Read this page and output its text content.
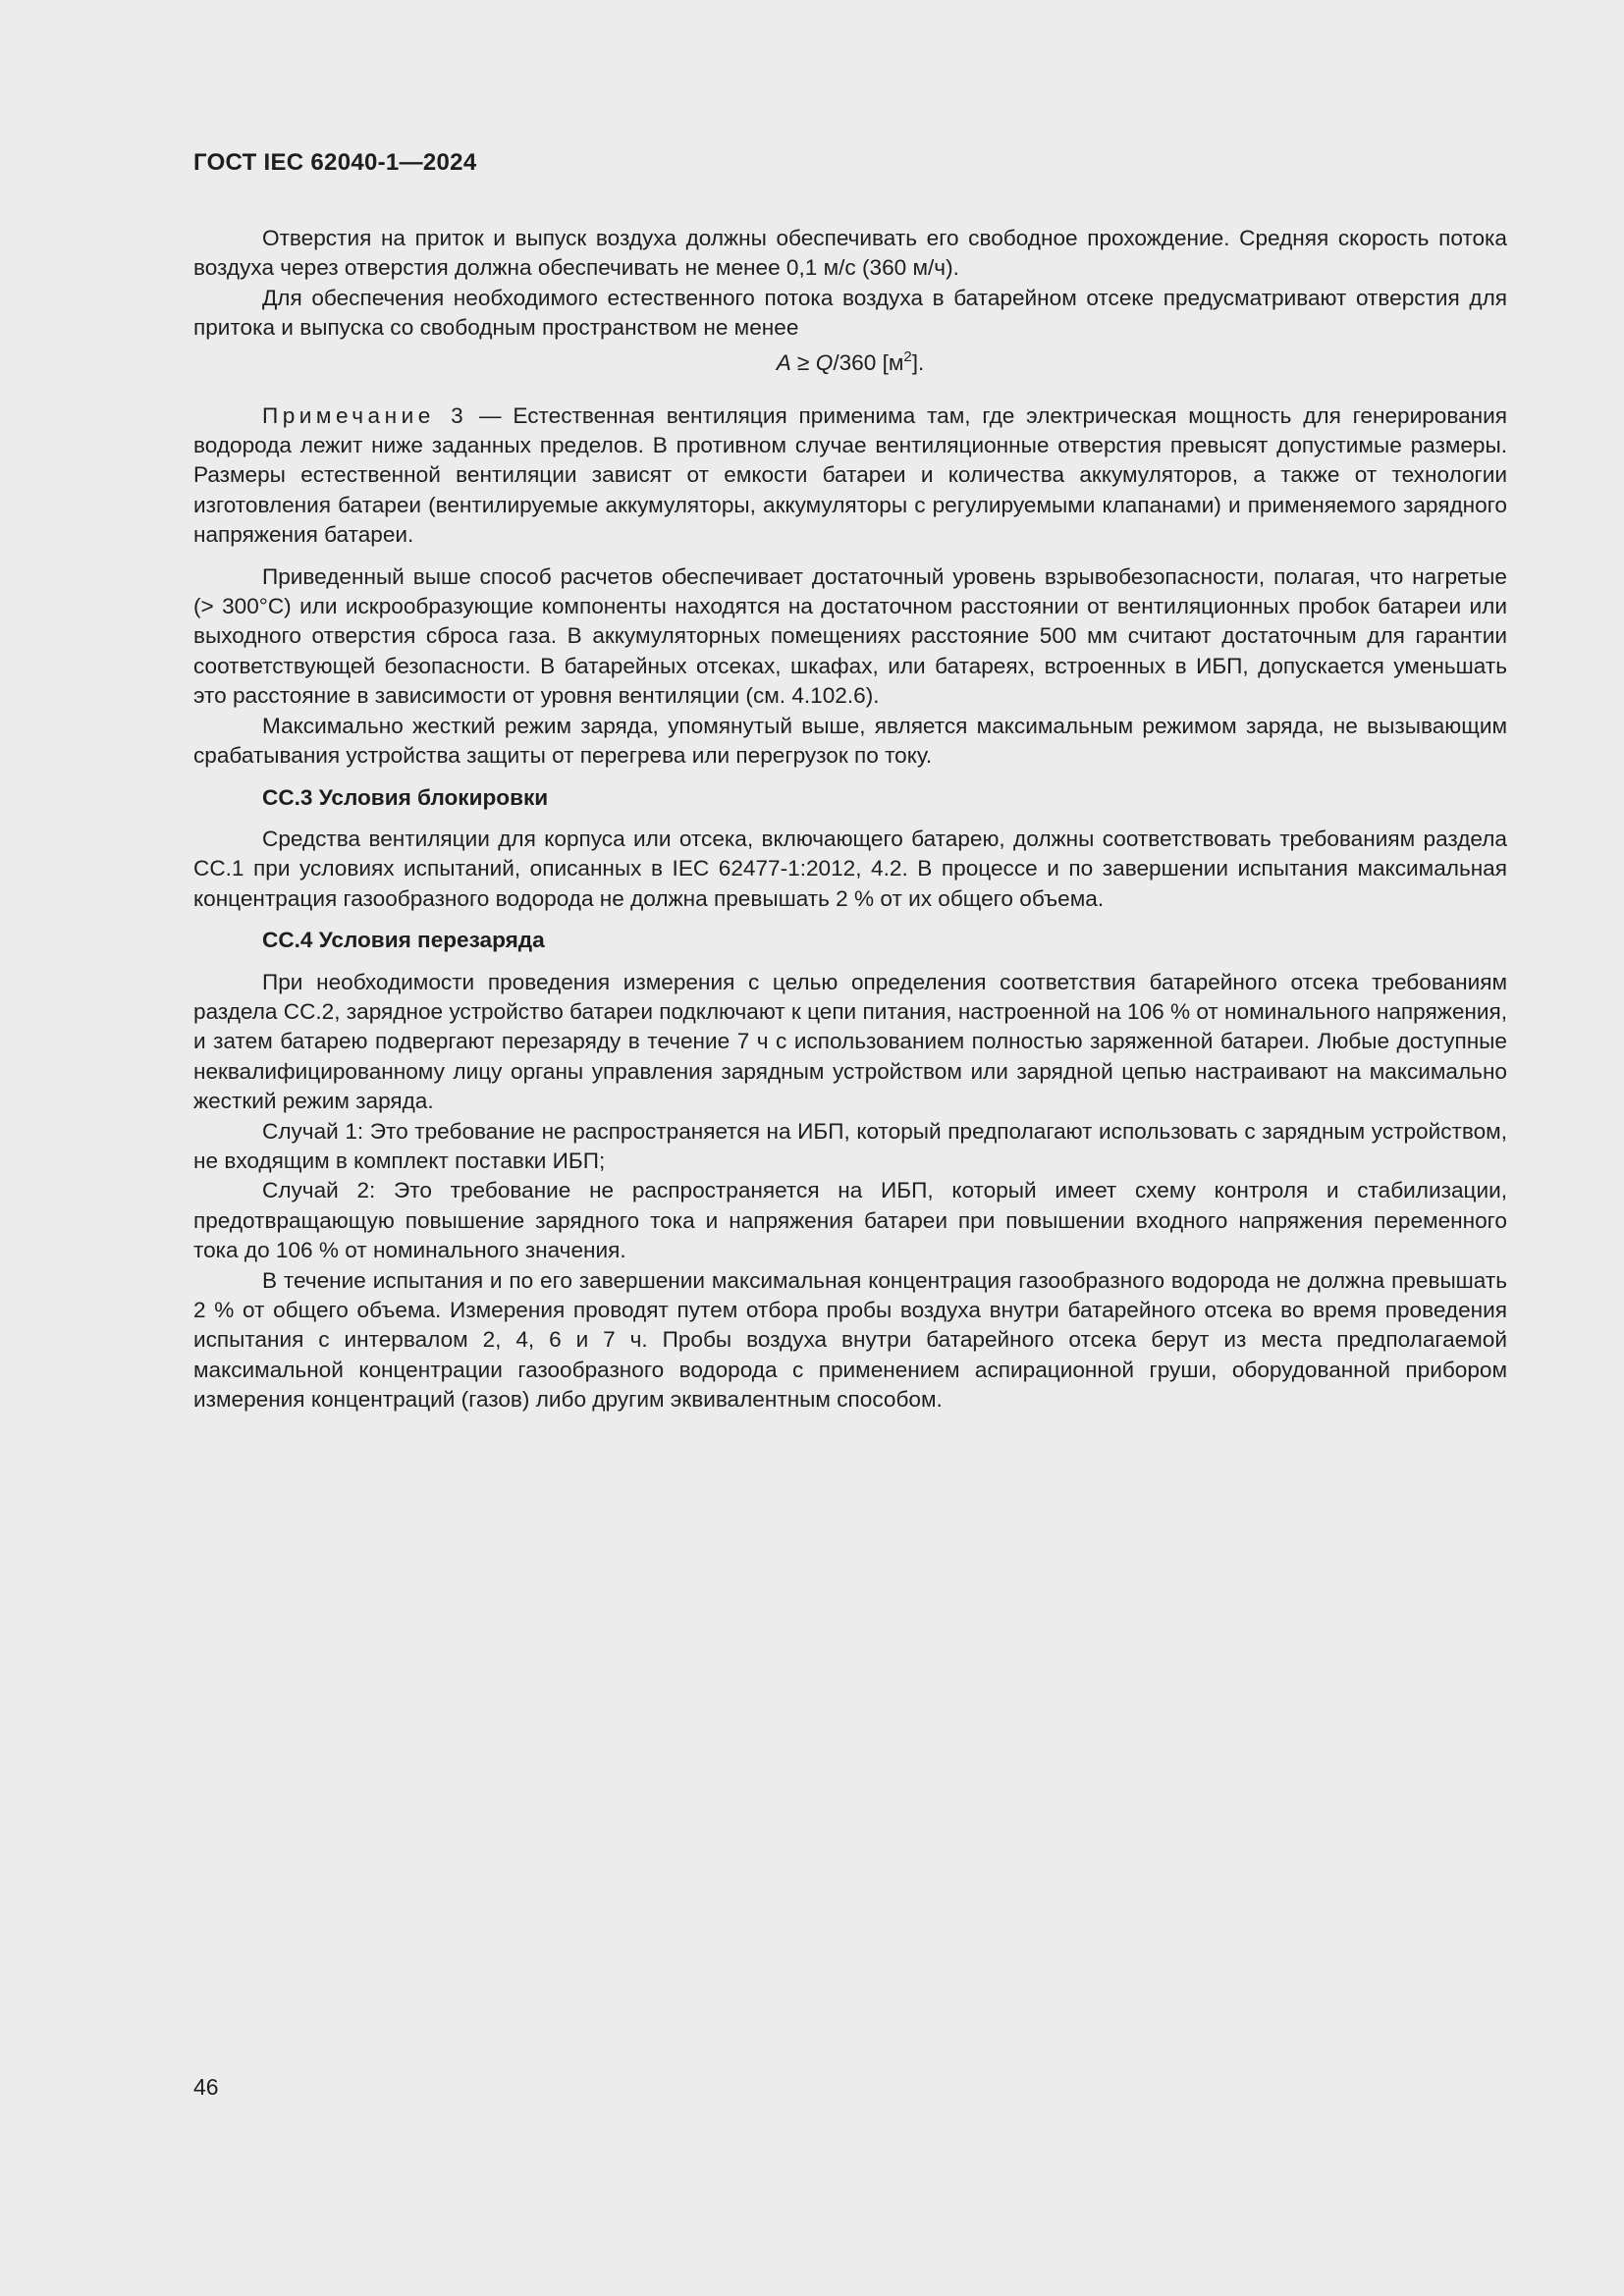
ГОСТ IEC 62040-1—2024

Отверстия на приток и выпуск воздуха должны обеспечивать его свободное прохождение. Средняя скорость потока воздуха через отверстия должна обеспечивать не менее 0,1 м/с (360 м/ч).

Для обеспечения необходимого естественного потока воздуха в батарейном отсеке предусматривают отверстия для притока и выпуска со свободным пространством не менее

A ≥ Q/360 $[м^2]$.

Примечание 3 — Естественная вентиляция применима там, где электрическая мощность для генерирования водорода лежит ниже заданных пределов. В противном случае вентиляционные отверстия превысят допустимые размеры. Размеры естественной вентиляции зависят от емкости батареи и количества аккумуляторов, а также от технологии изготовления батареи (вентилируемые аккумуляторы, аккумуляторы с регулируемыми клапанами) и применяемого зарядного напряжения батареи.

Приведенный выше способ расчетов обеспечивает достаточный уровень взрывобезопасности, полагая, что нагретые (> 300°C) или искрообразующие компоненты находятся на достаточном расстоянии от вентиляционных пробок батареи или выходного отверстия сброса газа. В аккумуляторных помещениях расстояние 500 мм считают достаточным для гарантии соответствующей безопасности. В батарейных отсеках, шкафах, или батареях, встроенных в ИБП, допускается уменьшать это расстояние в зависимости от уровня вентиляции (см. 4.102.6).

Максимально жесткий режим заряда, упомянутый выше, является максимальным режимом заряда, не вызывающим срабатывания устройства защиты от перегрева или перегрузок по току.

СС.3 Условия блокировки

Средства вентиляции для корпуса или отсека, включающего батарею, должны соответствовать требованиям раздела СС.1 при условиях испытаний, описанных в IEC 62477-1:2012, 4.2. В процессе и по завершении испытания максимальная концентрация газообразного водорода не должна превышать 2 % от их общего объема.

СС.4 Условия перезаряда

При необходимости проведения измерения с целью определения соответствия батарейного отсека требованиям раздела СС.2, зарядное устройство батареи подключают к цепи питания, настроенной на 106 % от номинального напряжения, и затем батарею подвергают перезаряду в течение 7 ч с использованием полностью заряженной батареи. Любые доступные неквалифицированному лицу органы управления зарядным устройством или зарядной цепью настраивают на максимально жесткий режим заряда.

Случай 1: Это требование не распространяется на ИБП, который предполагают использовать с зарядным устройством, не входящим в комплект поставки ИБП;

Случай 2: Это требование не распространяется на ИБП, который имеет схему контроля и стабилизации, предотвращающую повышение зарядного тока и напряжения батареи при повышении входного напряжения переменного тока до 106 % от номинального значения.

В течение испытания и по его завершении максимальная концентрация газообразного водорода не должна превышать 2 % от общего объема. Измерения проводят путем отбора пробы воздуха внутри батарейного отсека во время проведения испытания с интервалом 2, 4, 6 и 7 ч. Пробы воздуха внутри батарейного отсека берут из места предполагаемой максимальной концентрации газообразного водорода с применением аспирационной груши, оборудованной прибором измерения концентраций (газов) либо другим эквивалентным способом.

46
